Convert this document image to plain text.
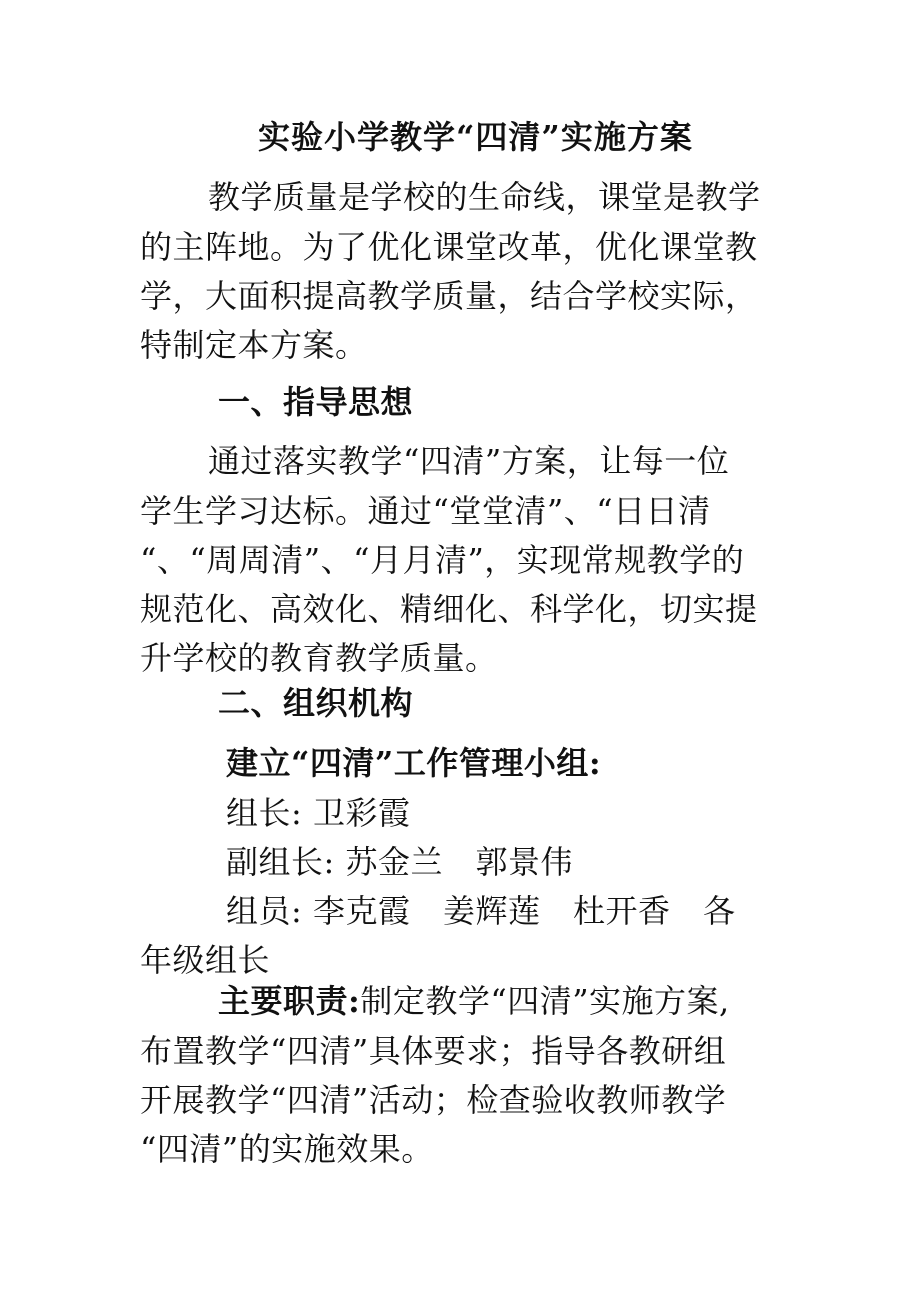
实验小学教学“四清”实施方案
教学质量是学校的生命线，课堂是教学
的主阵地。为了优化课堂改革，优化课堂教
学，大面积提高教学质量，结合学校实际，
特制定本方案。
一、指导思想
通过落实教学“四清”方案，让每一位
学生学习达标。通过“堂堂清”、“日日清
“、“周周清”、“月月清”，实现常规教学的
规范化、高效化、精细化、科学化，切实提
升学校的教育教学质量。
二、组织机构
建立“四清”工作管理小组:
组长: 卫彩霞
副组长: 苏金兰　郭景伟
组员: 李克霞　姜辉莲　杜开香　各
年级组长
主要职责:制定教学“四清”实施方案,
布置教学“四清”具体要求；指导各教研组
开展教学“四清”活动；检查验收教师教学
“四清”的实施效果。
